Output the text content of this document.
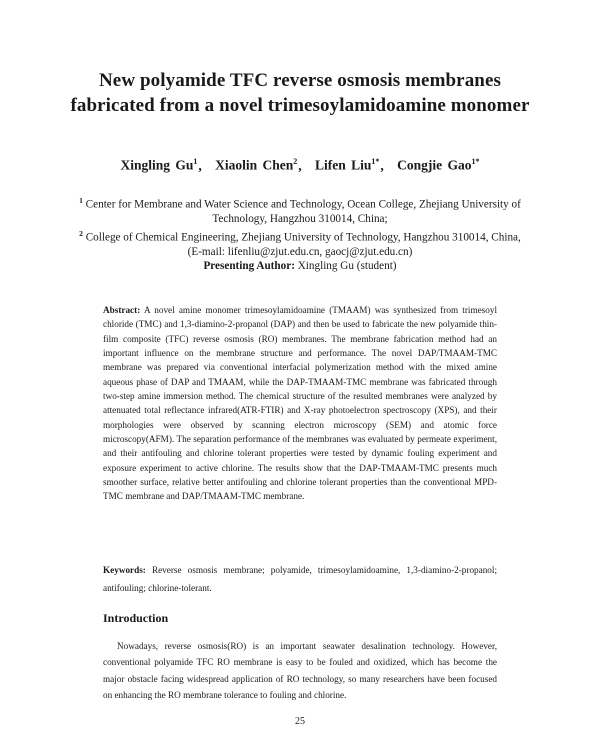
New polyamide TFC reverse osmosis membranes fabricated from a novel trimesoylamidoamine monomer
Xingling Gu$^1$, Xiaolin Chen$^2$, Lifen Liu$^{1*}$, Congjie Gao$^{1*}$
$^1$ Center for Membrane and Water Science and Technology, Ocean College, Zhejiang University of Technology, Hangzhou 310014, China;
$^2$ College of Chemical Engineering, Zhejiang University of Technology, Hangzhou 310014, China,
(E-mail: lifenliu@zjut.edu.cn, gaocj@zjut.edu.cn)
Presenting Author: Xingling Gu (student)
Abstract: A novel amine monomer trimesoylamidoamine (TMAAM) was synthesized from trimesoyl chloride (TMC) and 1,3-diamino-2-propanol (DAP) and then be used to fabricate the new polyamide thin-film composite (TFC) reverse osmosis (RO) membranes. The membrane fabrication method had an important influence on the membrane structure and performance. The novel DAP/TMAAM-TMC membrane was prepared via conventional interfacial polymerization method with the mixed amine aqueous phase of DAP and TMAAM, while the DAP-TMAAM-TMC membrane was fabricated through two-step amine immersion method. The chemical structure of the resulted membranes were analyzed by attenuated total reflectance infrared(ATR-FTIR) and X-ray photoelectron spectroscopy (XPS), and their morphologies were observed by scanning electron microscopy (SEM) and atomic force microscopy(AFM). The separation performance of the membranes was evaluated by permeate experiment, and their antifouling and chlorine tolerant properties were tested by dynamic fouling experiment and exposure experiment to active chlorine. The results show that the DAP-TMAAM-TMC presents much smoother surface, relative better antifouling and chlorine tolerant properties than the conventional MPD-TMC membrane and DAP/TMAAM-TMC membrane.
Keywords: Reverse osmosis membrane; polyamide, trimesoylamidoamine, 1,3-diamino-2-propanol; antifouling; chlorine-tolerant.
Introduction
Nowadays, reverse osmosis(RO) is an important seawater desalination technology. However, conventional polyamide TFC RO membrane is easy to be fouled and oxidized, which has become the major obstacle facing widespread application of RO technology, so many researchers have been focused on enhancing the RO membrane tolerance to fouling and chlorine.
25
